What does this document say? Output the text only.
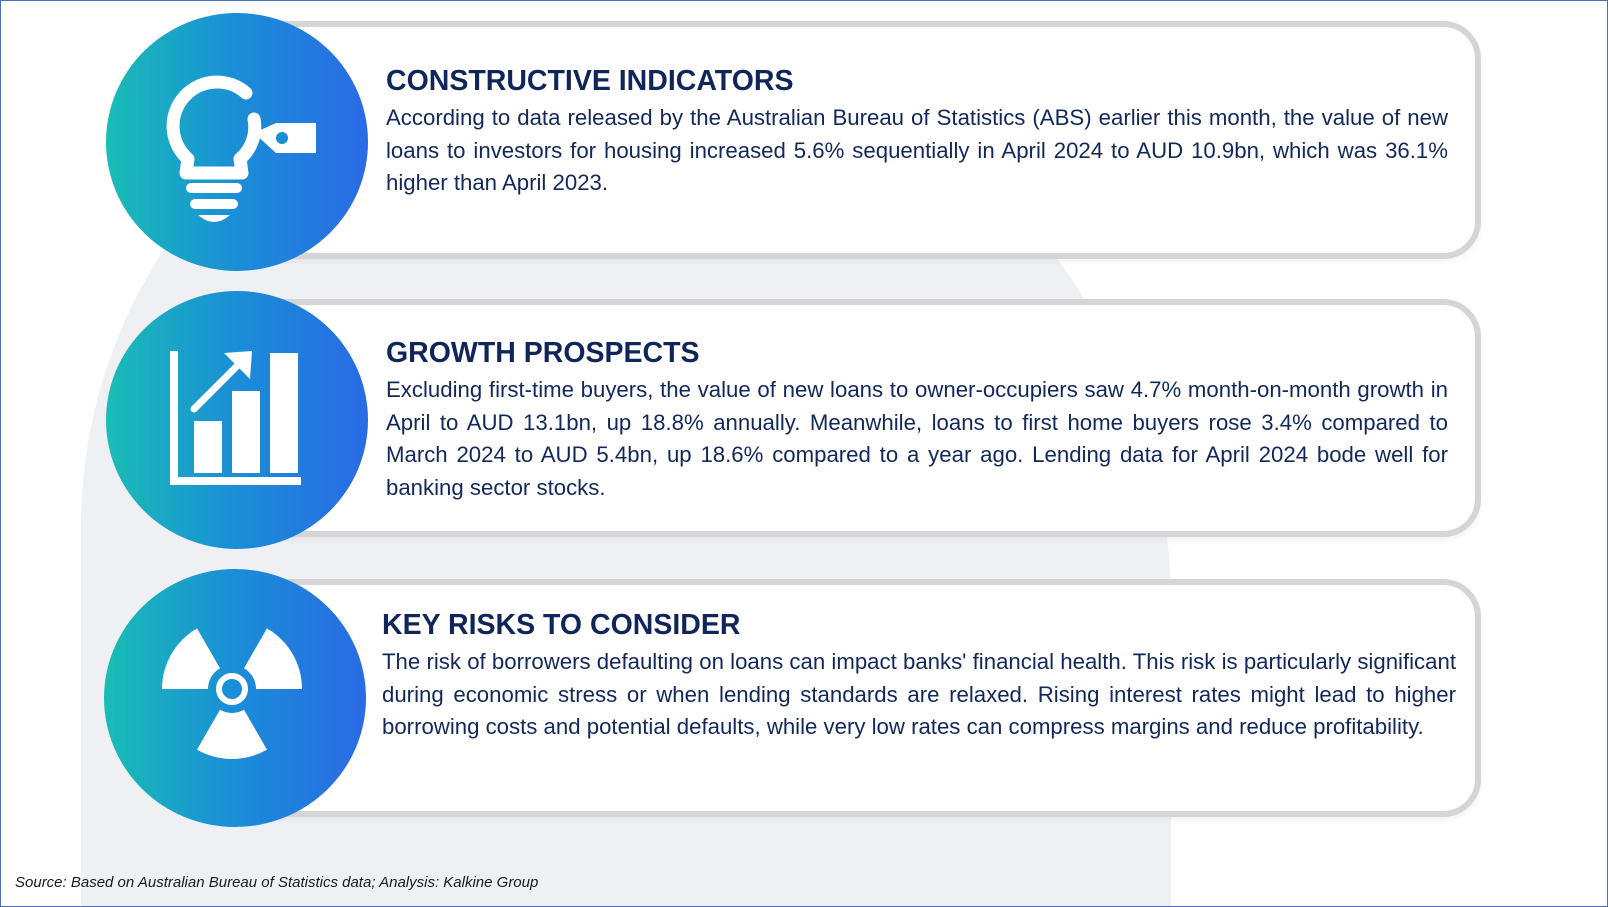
CONSTRUCTIVE INDICATORS

According to data released by the Australian Bureau of Statistics (ABS) earlier this month, the value of new loans to investors for housing increased 5.6% sequentially in April 2024 to AUD 10.9bn, which was 36.1% higher than April 2023.

GROWTH PROSPECTS

Excluding first-time buyers, the value of new loans to owner-occupiers saw 4.7% month-on-month growth in April to AUD 13.1bn, up 18.8% annually. Meanwhile, loans to first home buyers rose 3.4% compared to March 2024 to AUD 5.4bn, up 18.6% compared to a year ago. Lending data for April 2024 bode well for banking sector stocks.

KEY RISKS TO CONSIDER

The risk of borrowers defaulting on loans can impact banks' financial health. This risk is particularly significant during economic stress or when lending standards are relaxed. Rising interest rates might lead to higher borrowing costs and potential defaults, while very low rates can compress margins and reduce profitability.

Source: Based on Australian Bureau of Statistics data; Analysis: Kalkine Group
